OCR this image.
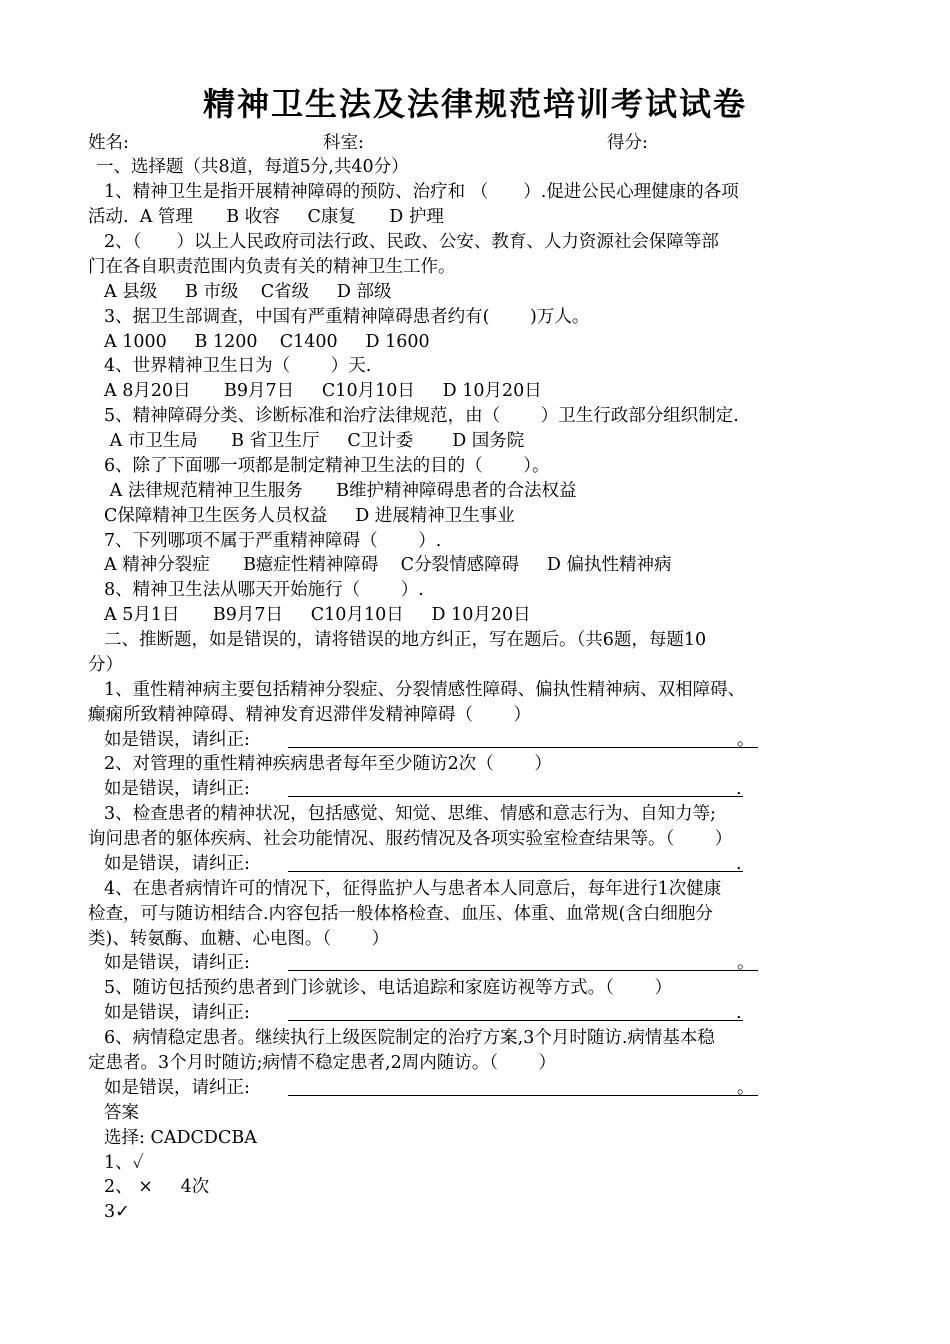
精神卫生法及法律规范培训考试试卷
姓名:	科室:	得分:
一、选择题（共8道，每道5分,共40分）
1、精神卫生是指开展精神障碍的预防、治疗和 （　　）.促进公民心理健康的各项
活动.  A 管理      B 收容     C康复      D 护理
2、（　　）以上人民政府司法行政、民政、公安、教育、人力资源社会保障等部
门在各自职责范围内负责有关的精神卫生工作。
A 县级     B 市级    C省级     D 部级
3、据卫生部调查，中国有严重精神障碍患者约有(　　 )万人。
A 1000     B 1200    C1400     D 1600
4、世界精神卫生日为（　　 ）天.
A 8月20日      B9月7日     C10月10日     D 10月20日
5、精神障碍分类、诊断标准和治疗法律规范，由（　　 ）卫生行政部分组织制定.
A 市卫生局      B 省卫生厅     C卫计委       D 国务院
6、除了下面哪一项都是制定精神卫生法的目的（　　 ）。
A 法律规范精神卫生服务      B维护精神障碍患者的合法权益
C保障精神卫生医务人员权益     D 进展精神卫生事业
7、下列哪项不属于严重精神障碍（　　 ）.
A 精神分裂症      B癔症性精神障碍    C分裂情感障碍     D 偏执性精神病
8、精神卫生法从哪天开始施行（　　 ）.
A 5月1日      B9月7日     C10月10日     D 10月20日
二、推断题，如是错误的，请将错误的地方纠正，写在题后。（共6题，每题10
分）
1、重性精神病主要包括精神分裂症、分裂情感性障碍、偏执性精神病、双相障碍、
癫痫所致精神障碍、精神发育迟滞伴发精神障碍（　　 ）
如是错误，请纠正:	。
2、对管理的重性精神疾病患者每年至少随访2次（　　 ）
如是错误，请纠正:	.
3、检查患者的精神状况，包括感觉、知觉、思维、情感和意志行为、自知力等;
询问患者的躯体疾病、社会功能情况、服药情况及各项实验室检查结果等。（　　 ）
如是错误，请纠正:	.
4、在患者病情许可的情况下，征得监护人与患者本人同意后，每年进行1次健康
检查，可与随访相结合.内容包括一般体格检查、血压、体重、血常规(含白细胞分
类)、转氨酶、血糖、心电图。（　　 ）
如是错误，请纠正:	。
5、随访包括预约患者到门诊就诊、电话追踪和家庭访视等方式。（　　 ）
如是错误，请纠正:	.
6、病情稳定患者。继续执行上级医院制定的治疗方案,3个月时随访.病情基本稳
定患者。3个月时随访;病情不稳定患者,2周内随访。（　　 ）
如是错误，请纠正:	。
答案
选择: CADCDCBA
1、✓
2、 ×     4次
3✓
